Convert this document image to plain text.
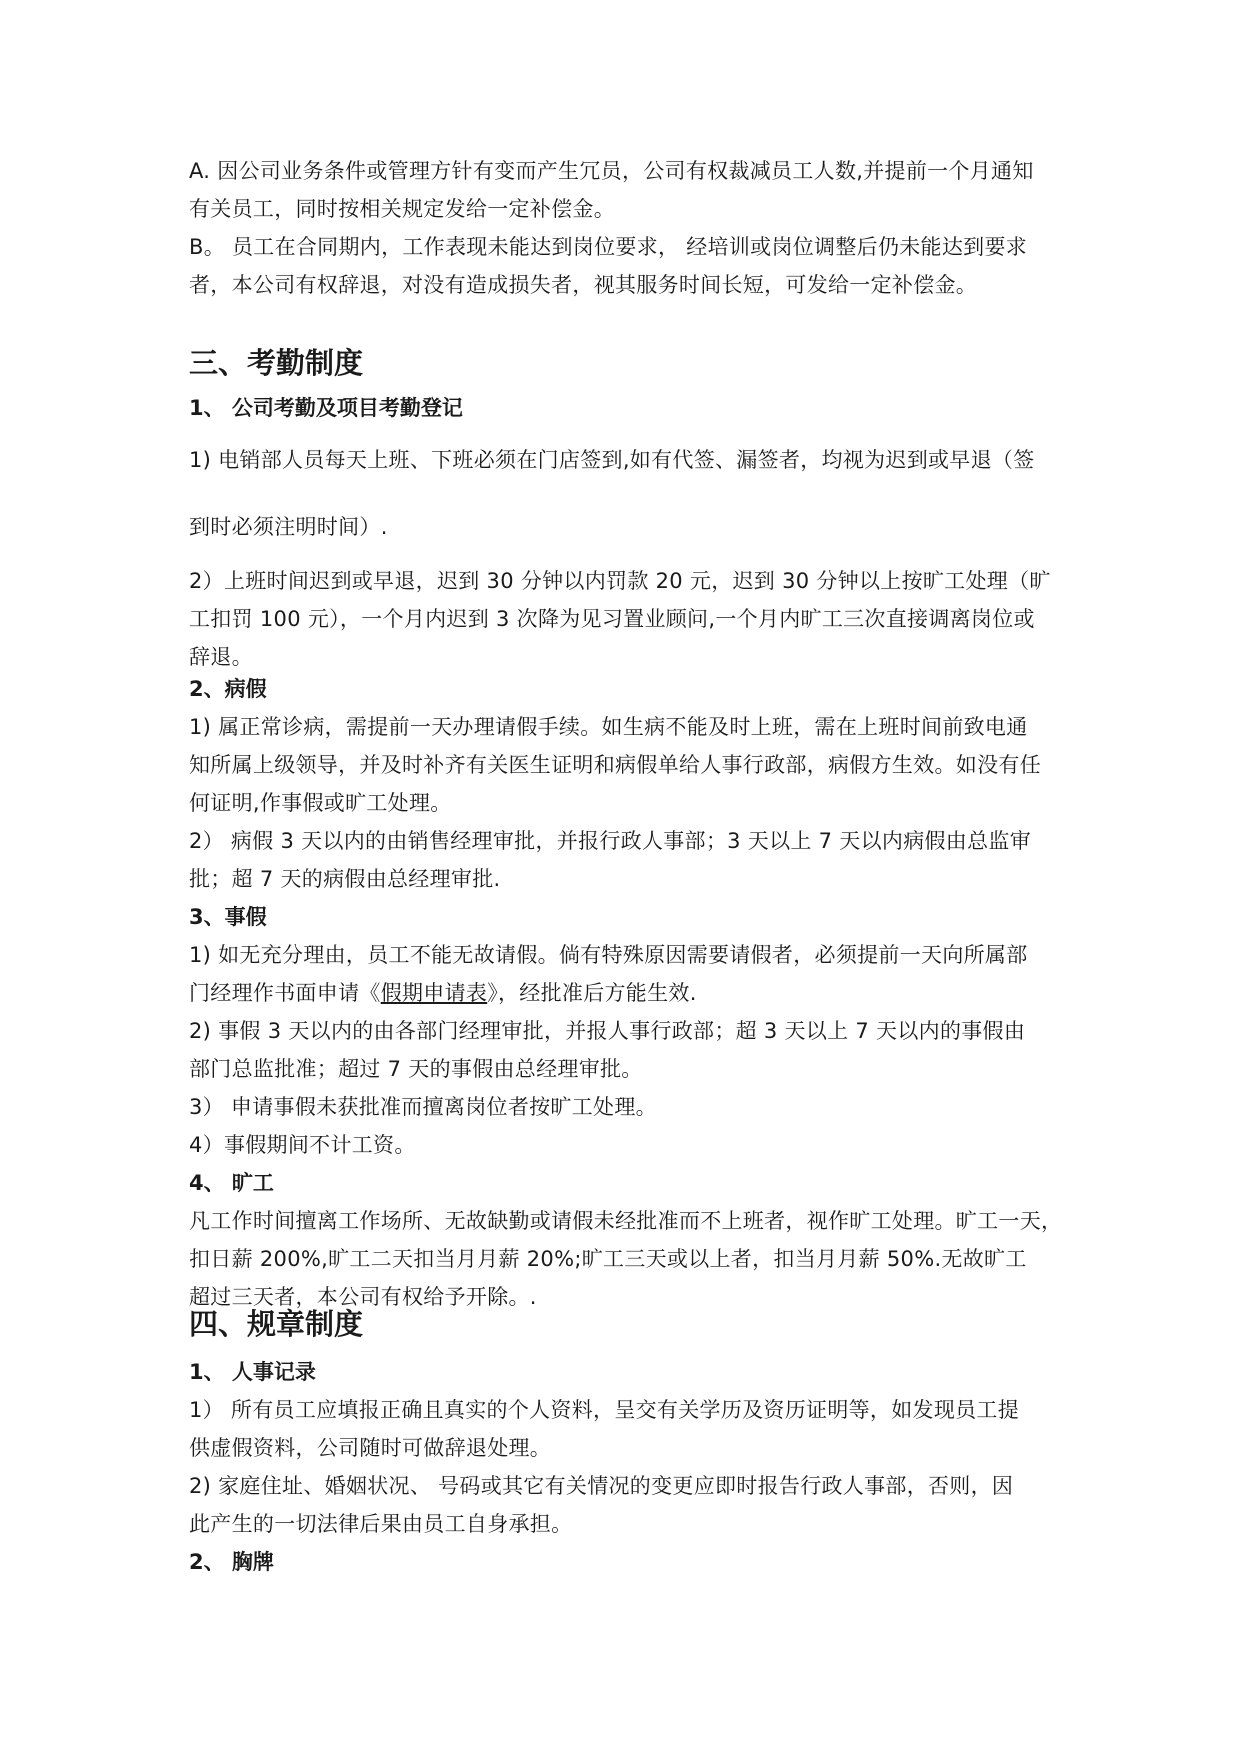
A. 因公司业务条件或管理方针有变而产生冗员，公司有权裁减员工人数,并提前一个月通知
有关员工，同时按相关规定发给一定补偿金。
B。 员工在合同期内，工作表现未能达到岗位要求， 经培训或岗位调整后仍未能达到要求
者，本公司有权辞退，对没有造成损失者，视其服务时间长短，可发给一定补偿金。
三、考勤制度
1、 公司考勤及项目考勤登记
1) 电销部人员每天上班、下班必须在门店签到,如有代签、漏签者，均视为迟到或早退（签
到时必须注明时间）.
2）上班时间迟到或早退，迟到 30 分钟以内罚款 20 元，迟到 30 分钟以上按旷工处理（旷
工扣罚 100 元），一个月内迟到 3 次降为见习置业顾问,一个月内旷工三次直接调离岗位或
辞退。
2、病假
1) 属正常诊病，需提前一天办理请假手续。如生病不能及时上班，需在上班时间前致电通
知所属上级领导，并及时补齐有关医生证明和病假单给人事行政部，病假方生效。如没有任
何证明,作事假或旷工处理。
2） 病假 3 天以内的由销售经理审批，并报行政人事部；3 天以上 7 天以内病假由总监审
批；超 7 天的病假由总经理审批.
3、事假
1) 如无充分理由，员工不能无故请假。倘有特殊原因需要请假者，必须提前一天向所属部
门经理作书面申请《假期申请表》，经批准后方能生效.
2) 事假 3 天以内的由各部门经理审批，并报人事行政部；超 3 天以上 7 天以内的事假由
部门总监批准；超过 7 天的事假由总经理审批。
3） 申请事假未获批准而擅离岗位者按旷工处理。
4）事假期间不计工资。
4、 旷工
凡工作时间擅离工作场所、无故缺勤或请假未经批准而不上班者，视作旷工处理。旷工一天，
扣日薪 200%,旷工二天扣当月月薪 20%;旷工三天或以上者，扣当月月薪 50%.无故旷工
超过三天者，本公司有权给予开除。.
四、规章制度
1、 人事记录
1） 所有员工应填报正确且真实的个人资料，呈交有关学历及资历证明等，如发现员工提
供虚假资料，公司随时可做辞退处理。
2) 家庭住址、婚姻状况、 号码或其它有关情况的变更应即时报告行政人事部，否则，因
此产生的一切法律后果由员工自身承担。
2、 胸牌
